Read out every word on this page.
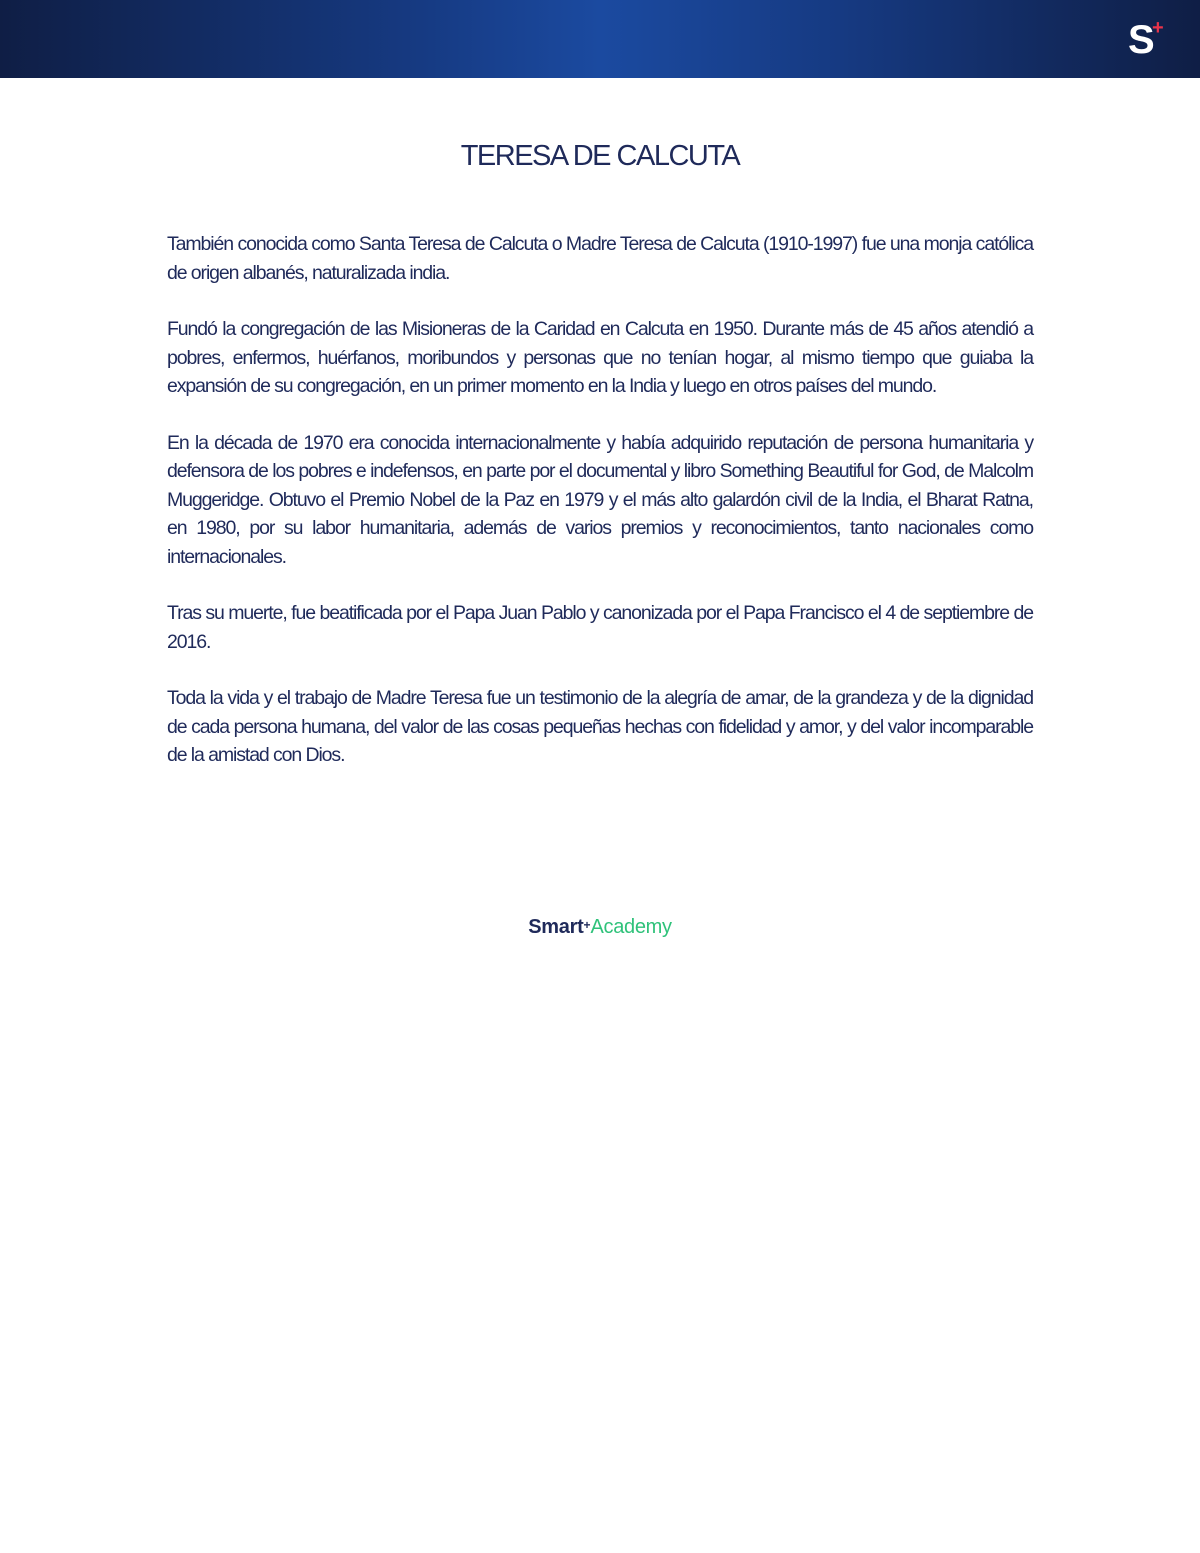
S
+
TERESA DE CALCUTA

También conocida como Santa Teresa de Calcuta o Madre Teresa de Calcuta (1910-1997) fue una monja católica de origen albanés, naturalizada india.

Fundó la congregación de las Misioneras de la Caridad en Calcuta en 1950. Durante más de 45 años atendió a pobres, enfermos, huérfanos, moribundos y personas que no tenían hogar, al mismo tiempo que guiaba la expansión de su congregación, en un primer momento en la India y luego en otros países del mundo.

En la década de 1970 era conocida internacionalmente y había adquirido reputación de persona humanitaria y defensora de los pobres e indefensos, en parte por el documental y libro Something Beautiful for God, de Malcolm Muggeridge. Obtuvo el Premio Nobel de la Paz en 1979 y el más alto galardón civil de la India, el Bharat Ratna, en 1980, por su labor humanitaria, además de varios premios y reconocimientos, tanto nacionales como internacionales.

Tras su muerte, fue beatificada por el Papa Juan Pablo y canonizada por el Papa Francisco el 4 de septiembre de 2016.

Toda la vida y el trabajo de Madre Teresa fue un testimonio de la alegría de amar, de la grandeza y de la dignidad de cada persona humana, del valor de las cosas pequeñas hechas con fidelidad y amor, y del valor incomparable de la amistad con Dios.

Smart+Academy
